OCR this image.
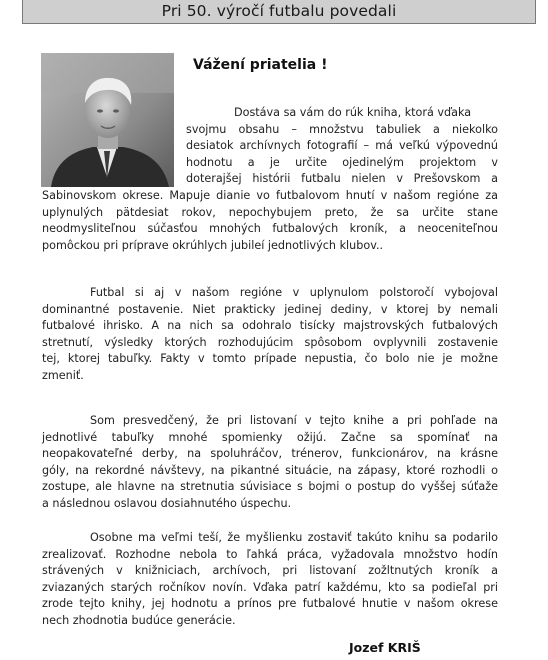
Pri 50. výročí futbalu povedali
Vážení priatelia !
Dostáva sa vám do rúk kniha, ktorá vďaka
svojmu obsahu – množstvu tabuliek a niekolko
desiatok archívnych fotografií – má veľkú výpovednú
hodnotu a je určite ojedinelým projektom v
doterajšej histórii futbalu nielen v Prešovskom a
Sabinovskom okrese. Mapuje dianie vo futbalovom hnutí v našom regióne za
uplynulých pätdesiat rokov, nepochybujem preto, že sa určite stane
neodmysliteľnou súčasťou mnohých futbalových kroník, a neoceniteľnou
pomôckou pri príprave okrúhlych jubileí jednotlivých klubov..
Futbal si aj v našom regióne v uplynulom polstoročí vybojoval
dominantné postavenie. Niet prakticky jedinej dediny, v ktorej by nemali
futbalové ihrisko. A na nich sa odohralo tisícky majstrovských futbalových
stretnutí, výsledky ktorých rozhodujúcim spôsobom ovplyvnili zostavenie
tej, ktorej tabuľky. Fakty v tomto prípade nepustia, čo bolo nie je možne
zmeniť.
Som presvedčený, že pri listovaní v tejto knihe a pri pohľade na
jednotlivé tabuľky mnohé spomienky ožijú. Začne sa spomínať na
neopakovateľné derby, na spoluhráčov, trénerov, funkcionárov, na krásne
góly, na rekordné návštevy, na pikantné situácie, na zápasy, ktoré rozhodli o
zostupe, ale hlavne na stretnutia súvisiace s bojmi o postup do vyššej súťaže
a následnou oslavou dosiahnutého úspechu.
Osobne ma veľmi teší, že myšlienku zostaviť takúto knihu sa podarilo
zrealizovať. Rozhodne nebola to ľahká práca, vyžadovala množstvo hodín
strávených v knižniciach, archívoch, pri listovaní zožltnutých kroník a
zviazaných starých ročníkov novín. Vďaka patrí každému, kto sa podieľal pri
zrode tejto knihy, jej hodnotu a prínos pre futbalové hnutie v našom okrese
nech zhodnotia budúce generácie.
Jozef KRIŠ
